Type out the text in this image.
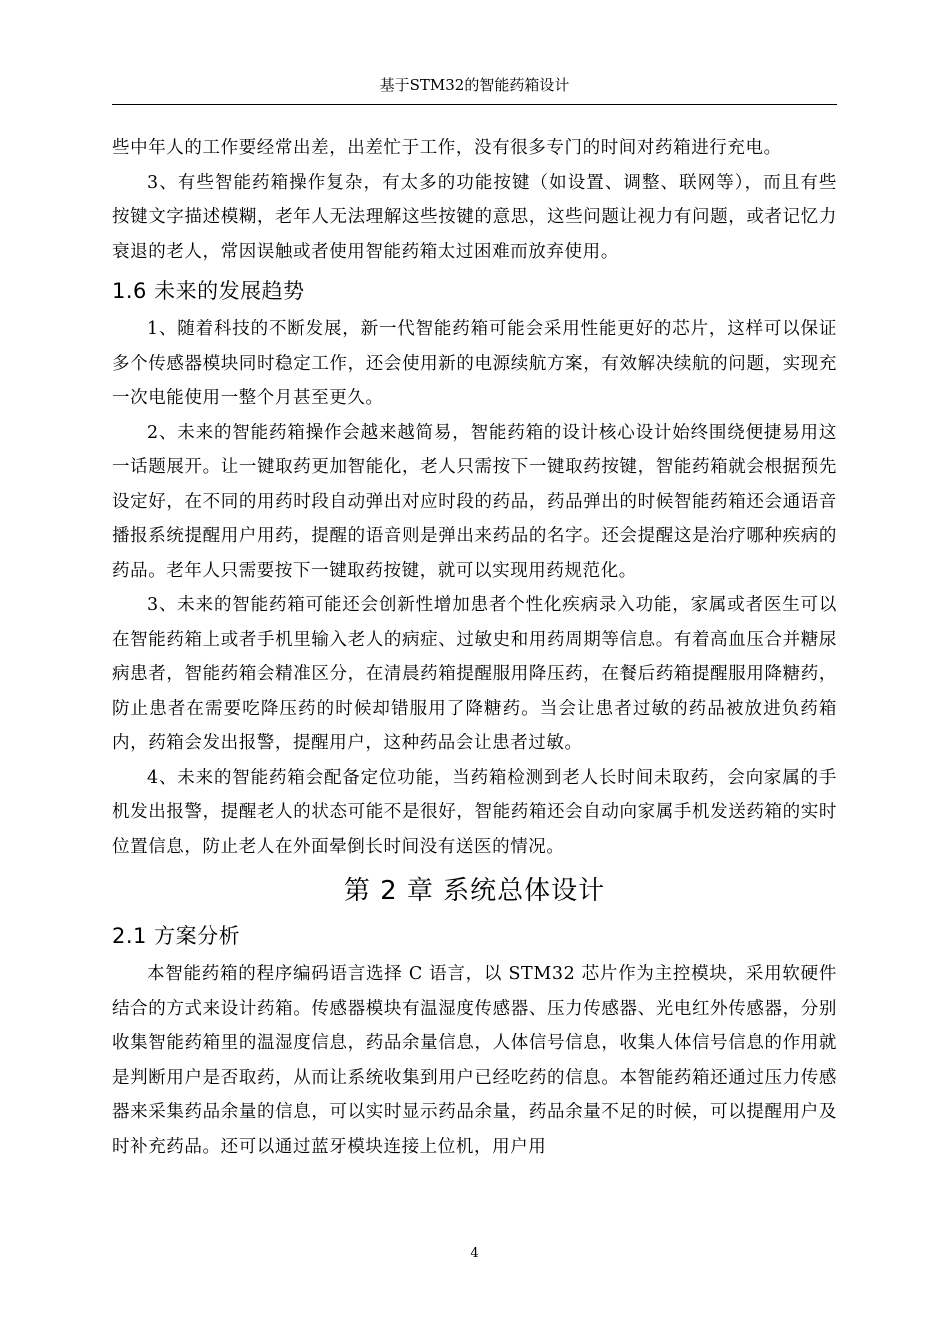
基于STM32的智能药箱设计

些中年人的工作要经常出差，出差忙于工作，没有很多专门的时间对药箱进行充电。

3、有些智能药箱操作复杂，有太多的功能按键（如设置、调整、联网等），而且有些按键文字描述模糊，老年人无法理解这些按键的意思，这些问题让视力有问题，或者记忆力衰退的老人，常因误触或者使用智能药箱太过困难而放弃使用。

1.6 未来的发展趋势

1、随着科技的不断发展，新一代智能药箱可能会采用性能更好的芯片，这样可以保证多个传感器模块同时稳定工作，还会使用新的电源续航方案，有效解决续航的问题，实现充一次电能使用一整个月甚至更久。

2、未来的智能药箱操作会越来越简易，智能药箱的设计核心设计始终围绕便捷易用这一话题展开。让一键取药更加智能化，老人只需按下一键取药按键，智能药箱就会根据预先设定好，在不同的用药时段自动弹出对应时段的药品，药品弹出的时候智能药箱还会通语音播报系统提醒用户用药，提醒的语音则是弹出来药品的名字。还会提醒这是治疗哪种疾病的药品。老年人只需要按下一键取药按键，就可以实现用药规范化。

3、未来的智能药箱可能还会创新性增加患者个性化疾病录入功能，家属或者医生可以在智能药箱上或者手机里输入老人的病症、过敏史和用药周期等信息。有着高血压合并糖尿病患者，智能药箱会精准区分，在清晨药箱提醒服用降压药，在餐后药箱提醒服用降糖药，防止患者在需要吃降压药的时候却错服用了降糖药。当会让患者过敏的药品被放进负药箱内，药箱会发出报警，提醒用户，这种药品会让患者过敏。

4、未来的智能药箱会配备定位功能，当药箱检测到老人长时间未取药，会向家属的手机发出报警，提醒老人的状态可能不是很好，智能药箱还会自动向家属手机发送药箱的实时位置信息，防止老人在外面晕倒长时间没有送医的情况。

第 2 章 系统总体设计
2.1 方案分析

本智能药箱的程序编码语言选择 C 语言，以 STM32 芯片作为主控模块，采用软硬件结合的方式来设计药箱。传感器模块有温湿度传感器、压力传感器、光电红外传感器，分别收集智能药箱里的温湿度信息，药品余量信息，人体信号信息，收集人体信号信息的作用就是判断用户是否取药，从而让系统收集到用户已经吃药的信息。本智能药箱还通过压力传感器来采集药品余量的信息，可以实时显示药品余量，药品余量不足的时候，可以提醒用户及时补充药品。还可以通过蓝牙模块连接上位机，用户用

4
